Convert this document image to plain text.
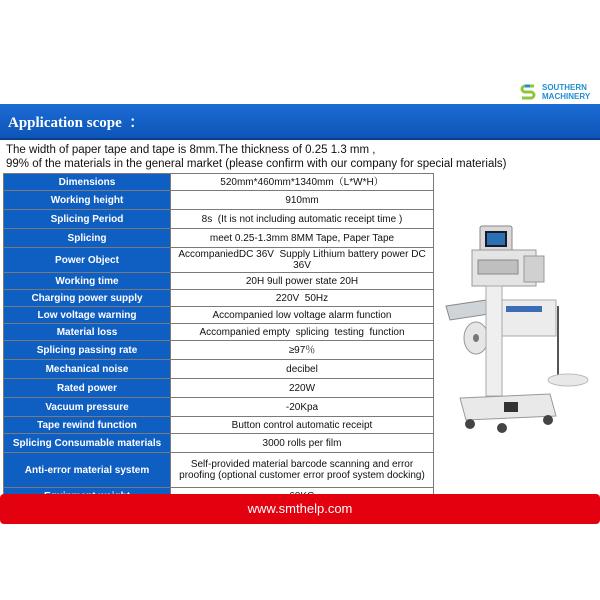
SOUTHERN
MACHINERY
Application scope  ：
The width of paper tape and tape is 8mm.The thickness of 0.25 1.3 mm ,
99% of the materials in the general market (please confirm with our company for special materials)
Dimensions	520mm*460mm*1340mm（L*W*H）
Working height	910mm
Splicing Period	8s  (It is not including automatic receipt time )
Splicing	meet 0.25-1.3mm 8MM Tape, Paper Tape
Power Object	AccompaniedDC 36V  Supply Lithium battery power DC 36V
Working time	20H 9ull power state 20H
Charging power supply	220V  50Hz
Low voltage warning	Accompanied low voltage alarm function
Material loss	Accompanied empty  splicing  testing  function
Splicing passing rate	≥97％
Mechanical noise	decibel
Rated power	220W
Vacuum pressure	-20Kpa
Tape rewind function	Button control automatic receipt
Splicing Consumable materials	3000 rolls per film
Anti-error material system	Self-provided material barcode scanning and error proofing (optional customer error proof system docking)

www.smthelp.com
